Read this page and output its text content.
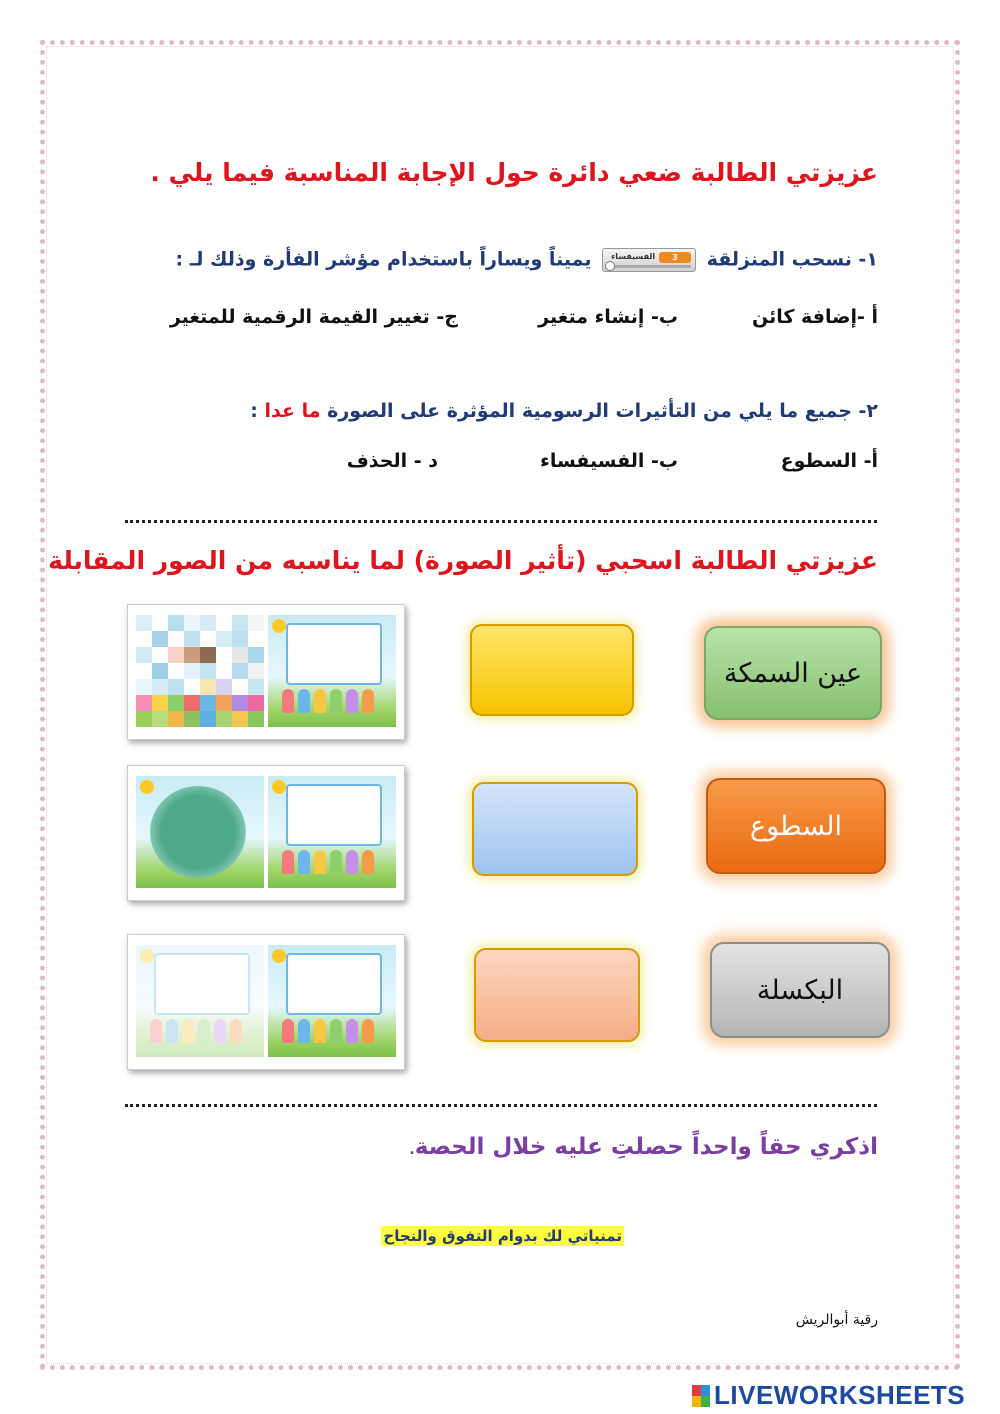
عزيزتي الطالبة ضعي دائرة حول الإجابة المناسبة فيما يلي .
١- نسحب المنزلقة
الفسيفساء	3
يميناً ويساراً باستخدام مؤشر الفأرة وذلك لـ :
أ -إضافة كائن
ب- إنشاء متغير
ج- تغيير القيمة الرقمية للمتغير
٢- جميع ما يلي من التأثيرات الرسومية المؤثرة على الصورة ما عدا :
أ- السطوع
ب- الفسيفساء
د - الحذف
عزيزتي الطالبة اسحبي (تأثير الصورة) لما يناسبه من الصور المقابلة
عين السمكة
السطوع
البكسلة
اذكري حقاً واحداً حصلتِ عليه خلال الحصة.
تمنياتي لك بدوام التفوق والنجاح
رقية أبوالريش
LIVEWORKSHEETS
